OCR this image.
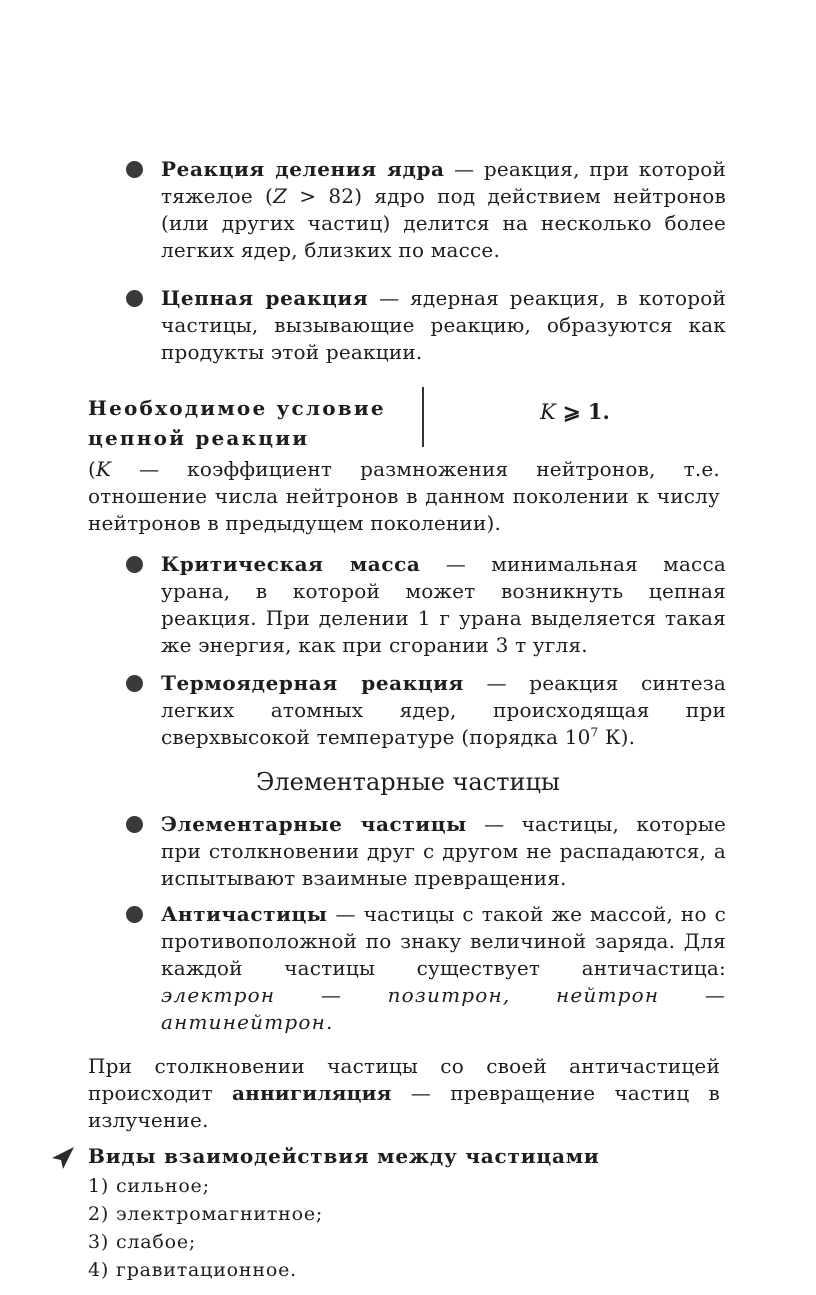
Реакция деления ядра — реакция, при которой тяжелое (Z > 82) ядро под действием нейтронов (или других частиц) делится на несколько более легких ядер, близких по массе.
Цепная реакция — ядерная реакция, в которой частицы, вызывающие реакцию, образуются как продукты этой реакции.
Необходимое условие цепной реакции
K ⩾ 1.
(K — коэффициент размножения нейтронов, т.е. отношение числа нейтронов в данном поколении к числу нейтронов в предыдущем поколении).
Критическая масса — минимальная масса урана, в которой может возникнуть цепная реакция. При делении 1 г урана выделяется такая же энергия, как при сгорании 3 т угля.
Термоядерная реакция — реакция синтеза легких атомных ядер, происходящая при сверхвысокой температуре (порядка $10^7$ К).
Элементарные частицы
Элементарные частицы — частицы, которые при столкновении друг с другом не распадаются, а испытывают взаимные превращения.
Античастицы — частицы с такой же массой, но с противоположной по знаку величиной заряда. Для каждой частицы существует античастица: электрон — позитрон, нейтрон — антинейтрон.
При столкновении частицы со своей античастицей происходит аннигиляция — превращение частиц в излучение.
Виды взаимодействия между частицами
1) сильное;
2) электромагнитное;
3) слабое;
4) гравитационное.
